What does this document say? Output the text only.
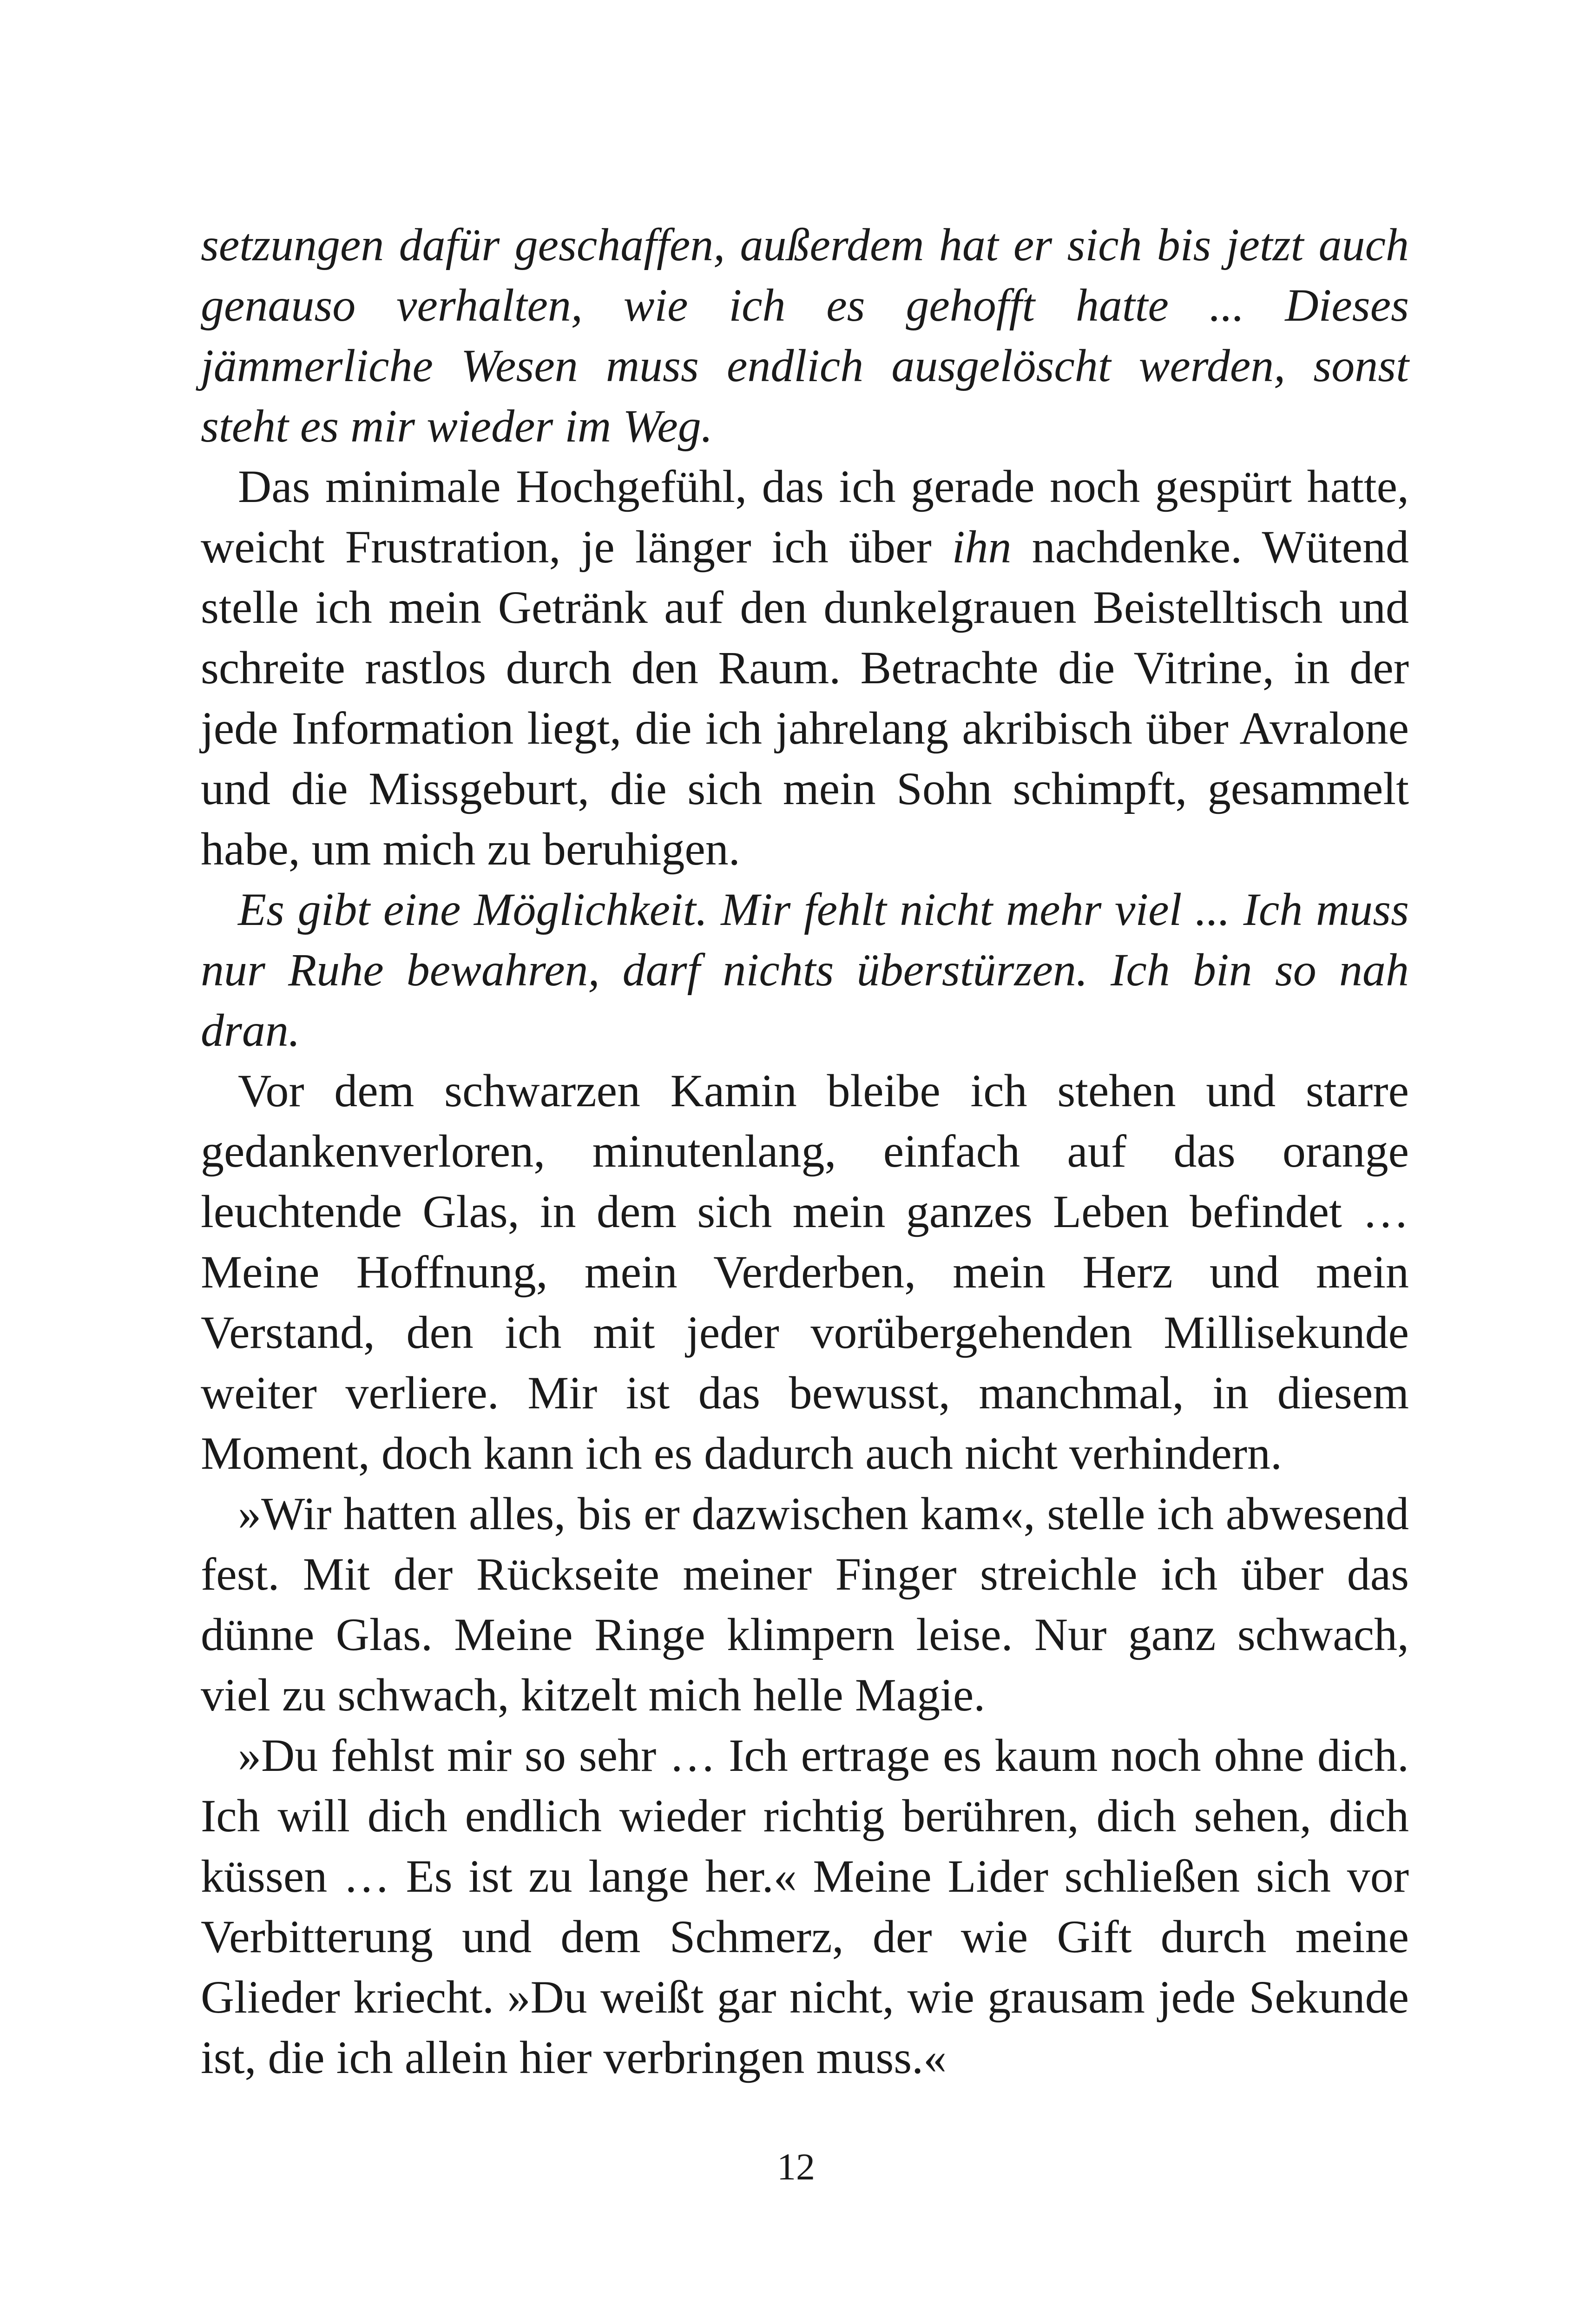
setzungen dafür geschaffen, außerdem hat er sich bis jetzt auch genauso verhalten, wie ich es gehofft hatte ... Dieses jämmerliche Wesen muss endlich ausgelöscht werden, sonst steht es mir wieder im Weg.

Das minimale Hochgefühl, das ich gerade noch gespürt hatte, weicht Frustration, je länger ich über ihn nachdenke. Wütend stelle ich mein Getränk auf den dunkelgrauen Beistelltisch und schreite rastlos durch den Raum. Betrachte die Vitrine, in der jede Information liegt, die ich jahrelang akribisch über Avralone und die Missgeburt, die sich mein Sohn schimpft, gesammelt habe, um mich zu beruhigen.

Es gibt eine Möglichkeit. Mir fehlt nicht mehr viel ... Ich muss nur Ruhe bewahren, darf nichts überstürzen. Ich bin so nah dran.

Vor dem schwarzen Kamin bleibe ich stehen und starre gedankenverloren, minutenlang, einfach auf das orange leuchtende Glas, in dem sich mein ganzes Leben befindet … Meine Hoffnung, mein Verderben, mein Herz und mein Verstand, den ich mit jeder vorübergehenden Millisekunde weiter verliere. Mir ist das bewusst, manchmal, in diesem Moment, doch kann ich es dadurch auch nicht verhindern.

»Wir hatten alles, bis er dazwischen kam«, stelle ich abwesend fest. Mit der Rückseite meiner Finger streichle ich über das dünne Glas. Meine Ringe klimpern leise. Nur ganz schwach, viel zu schwach, kitzelt mich helle Magie.

»Du fehlst mir so sehr … Ich ertrage es kaum noch ohne dich. Ich will dich endlich wieder richtig berühren, dich sehen, dich küssen … Es ist zu lange her.« Meine Lider schließen sich vor Verbitterung und dem Schmerz, der wie Gift durch meine Glieder kriecht. »Du weißt gar nicht, wie grausam jede Sekunde ist, die ich allein hier verbringen muss.«

12
